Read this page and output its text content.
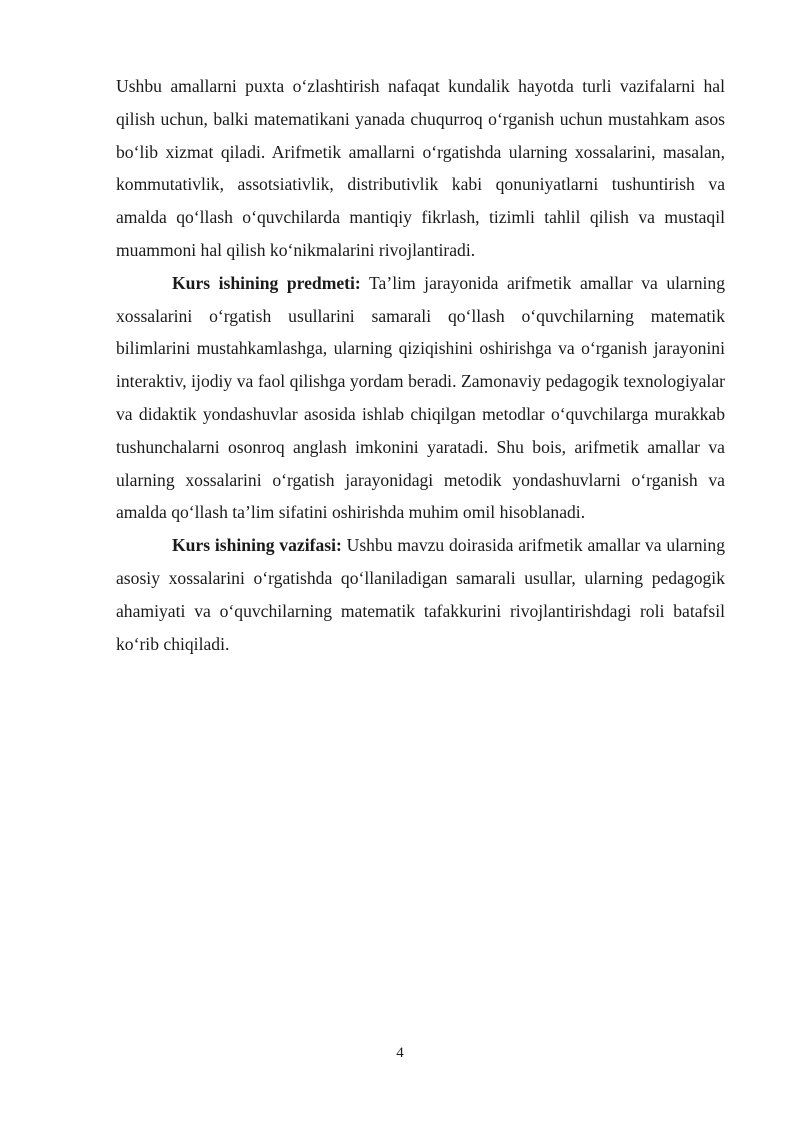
Ushbu amallarni puxta o‘zlashtirish nafaqat kundalik hayotda turli vazifalarni hal qilish uchun, balki matematikani yanada chuqurroq o‘rganish uchun mustahkam asos bo‘lib xizmat qiladi. Arifmetik amallarni o‘rgatishda ularning xossalarini, masalan, kommutativlik, assotsiativlik, distributivlik kabi qonuniyatlarni tushuntirish va amalda qo‘llash o‘quvchilarda mantiqiy fikrlash, tizimli tahlil qilish va mustaqil muammoni hal qilish ko‘nikmalarini rivojlantiradi.

Kurs ishining predmeti: Ta’lim jarayonida arifmetik amallar va ularning xossalarini o‘rgatish usullarini samarali qo‘llash o‘quvchilarning matematik bilimlarini mustahkamlashga, ularning qiziqishini oshirishga va o‘rganish jarayonini interaktiv, ijodiy va faol qilishga yordam beradi. Zamonaviy pedagogik texnologiyalar va didaktik yondashuvlar asosida ishlab chiqilgan metodlar o‘quvchilarga murakkab tushunchalarni osonroq anglash imkonini yaratadi. Shu bois, arifmetik amallar va ularning xossalarini o‘rgatish jarayonidagi metodik yondashuvlarni o‘rganish va amalda qo‘llash ta’lim sifatini oshirishda muhim omil hisoblanadi.

Kurs ishining vazifasi: Ushbu mavzu doirasida arifmetik amallar va ularning asosiy xossalarini o‘rgatishda qo‘llaniladigan samarali usullar, ularning pedagogik ahamiyati va o‘quvchilarning matematik tafakkurini rivojlantirishdagi roli batafsil ko‘rib chiqiladi.

4
